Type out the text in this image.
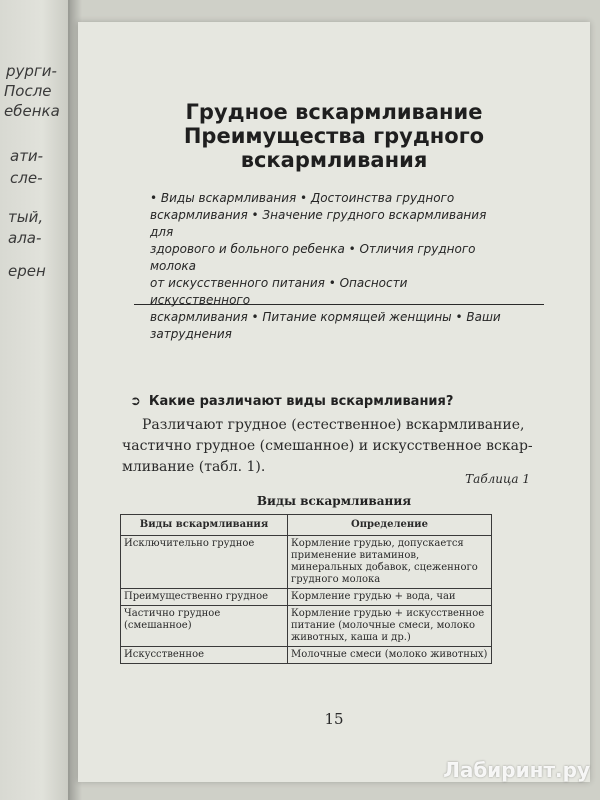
рурги-
После
ебенка
ати-
сле-
тый,
ала-
ерен
Грудное вскармливание
Преимущества грудного
вскармливания
• Виды вскармливания • Достоинства грудного
вскармливания • Значение грудного вскармливания для
здорового и больного ребенка • Отличия грудного молока
от искусственного питания • Опасности искусственного
вскармливания • Питание кормящей женщины • Ваши
затруднения
➲ Какие различают виды вскармливания?
Различают грудное (естественное) вскармливание,
частично грудное (смешанное) и искусственное вскар-
мливание (табл. 1).
Таблица 1
Виды вскармливания
Виды вскармливания	Определение
Исключительно грудное	Кормление грудью, допускается применение витаминов, минеральных добавок, сцеженного грудного молока
Преимущественно грудное	Кормление грудью + вода, чаи
Частично грудное (смешанное)	Кормление грудью + искусственное питание (молочные смеси, молоко животных, каша и др.)
Искусственное	Молочные смеси (молоко животных)
15
Лабиринт.ру
